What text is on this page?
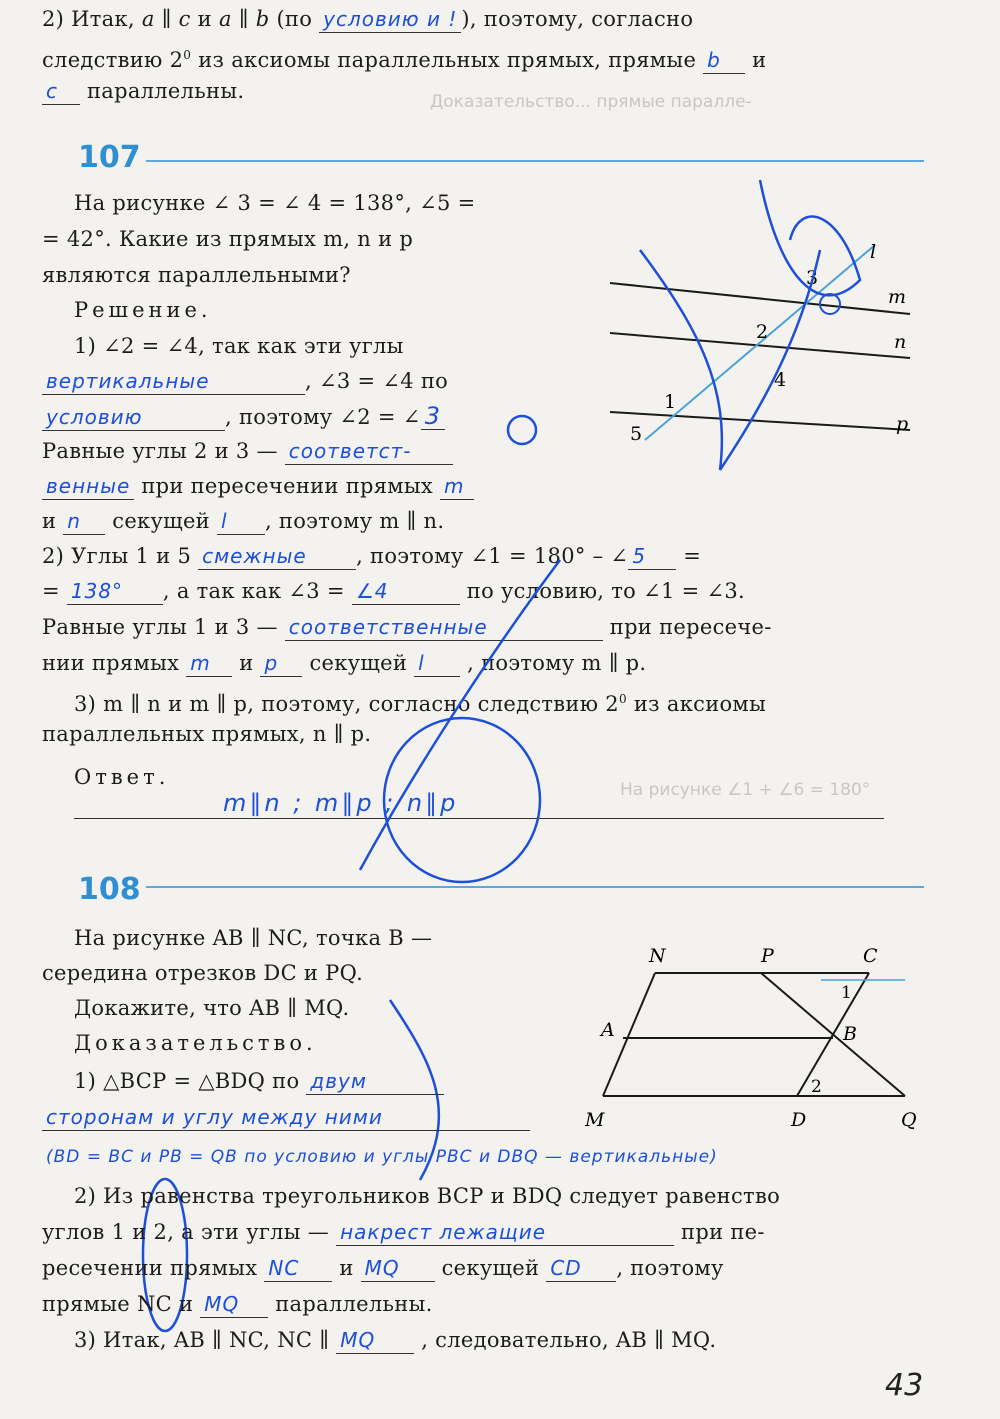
Доказательство... прямые паралле-
На рисунке ∠1 + ∠6 = 180°
2) Итак, a ∥ c и a ∥ b (по условию и ! ), поэтому, согласно
следствию $2^0$ из аксиомы параллельных прямых, прямые b и
c параллельны.
107
На рисунке ∠ 3 = ∠ 4 = 138°, ∠5 =
= 42°. Какие из прямых m, n и p
являются параллельными?
Решение.
1) ∠2 = ∠4, так как эти углы
вертикальные	, ∠3 = ∠4 по
условию	, поэтому ∠2 = ∠ 3
Равные углы 2 и 3 — соответст-
венные при пересечении прямых m
и n секущей l , поэтому m ∥ n.
2) Углы 1 и 5 смежные , поэтому ∠1 = 180° – ∠ 5 =
= 138° , а так как ∠3 = ∠4	по условию, то ∠1 = ∠3.
Равные углы 1 и 3 — соответственные	при пересече-
нии прямых m и p секущей l , поэтому m ∥ p.
3) m ∥ n и m ∥ p, поэтому, согласно следствию $2^0$ из аксиомы
параллельных прямых, n ∥ p.
Ответ.
m∥n ; m∥p ; n∥p
l
3
m
2	n
4
1
5	p
108
На рисунке AB ∥ NC, точка B —
середина отрезков DC и PQ.
Докажите, что AB ∥ MQ.
Доказательство.
1) △BCP = △BDQ по двум
сторонам и углу между ними
(BD = BC и PB = QB по условию и углы PBC и DBQ — вертикальные)
2) Из равенства треугольников BCP и BDQ следует равенство
углов 1 и 2, а эти углы — накрест лежащие	при пе-
ресечении прямых NC и MQ секущей CD , поэтому
прямые NC и MQ параллельны.
3) Итак, AB ∥ NC, NC ∥ MQ , следовательно, AB ∥ MQ.
N	P	C
1
A	B
2
M	D	Q
43
